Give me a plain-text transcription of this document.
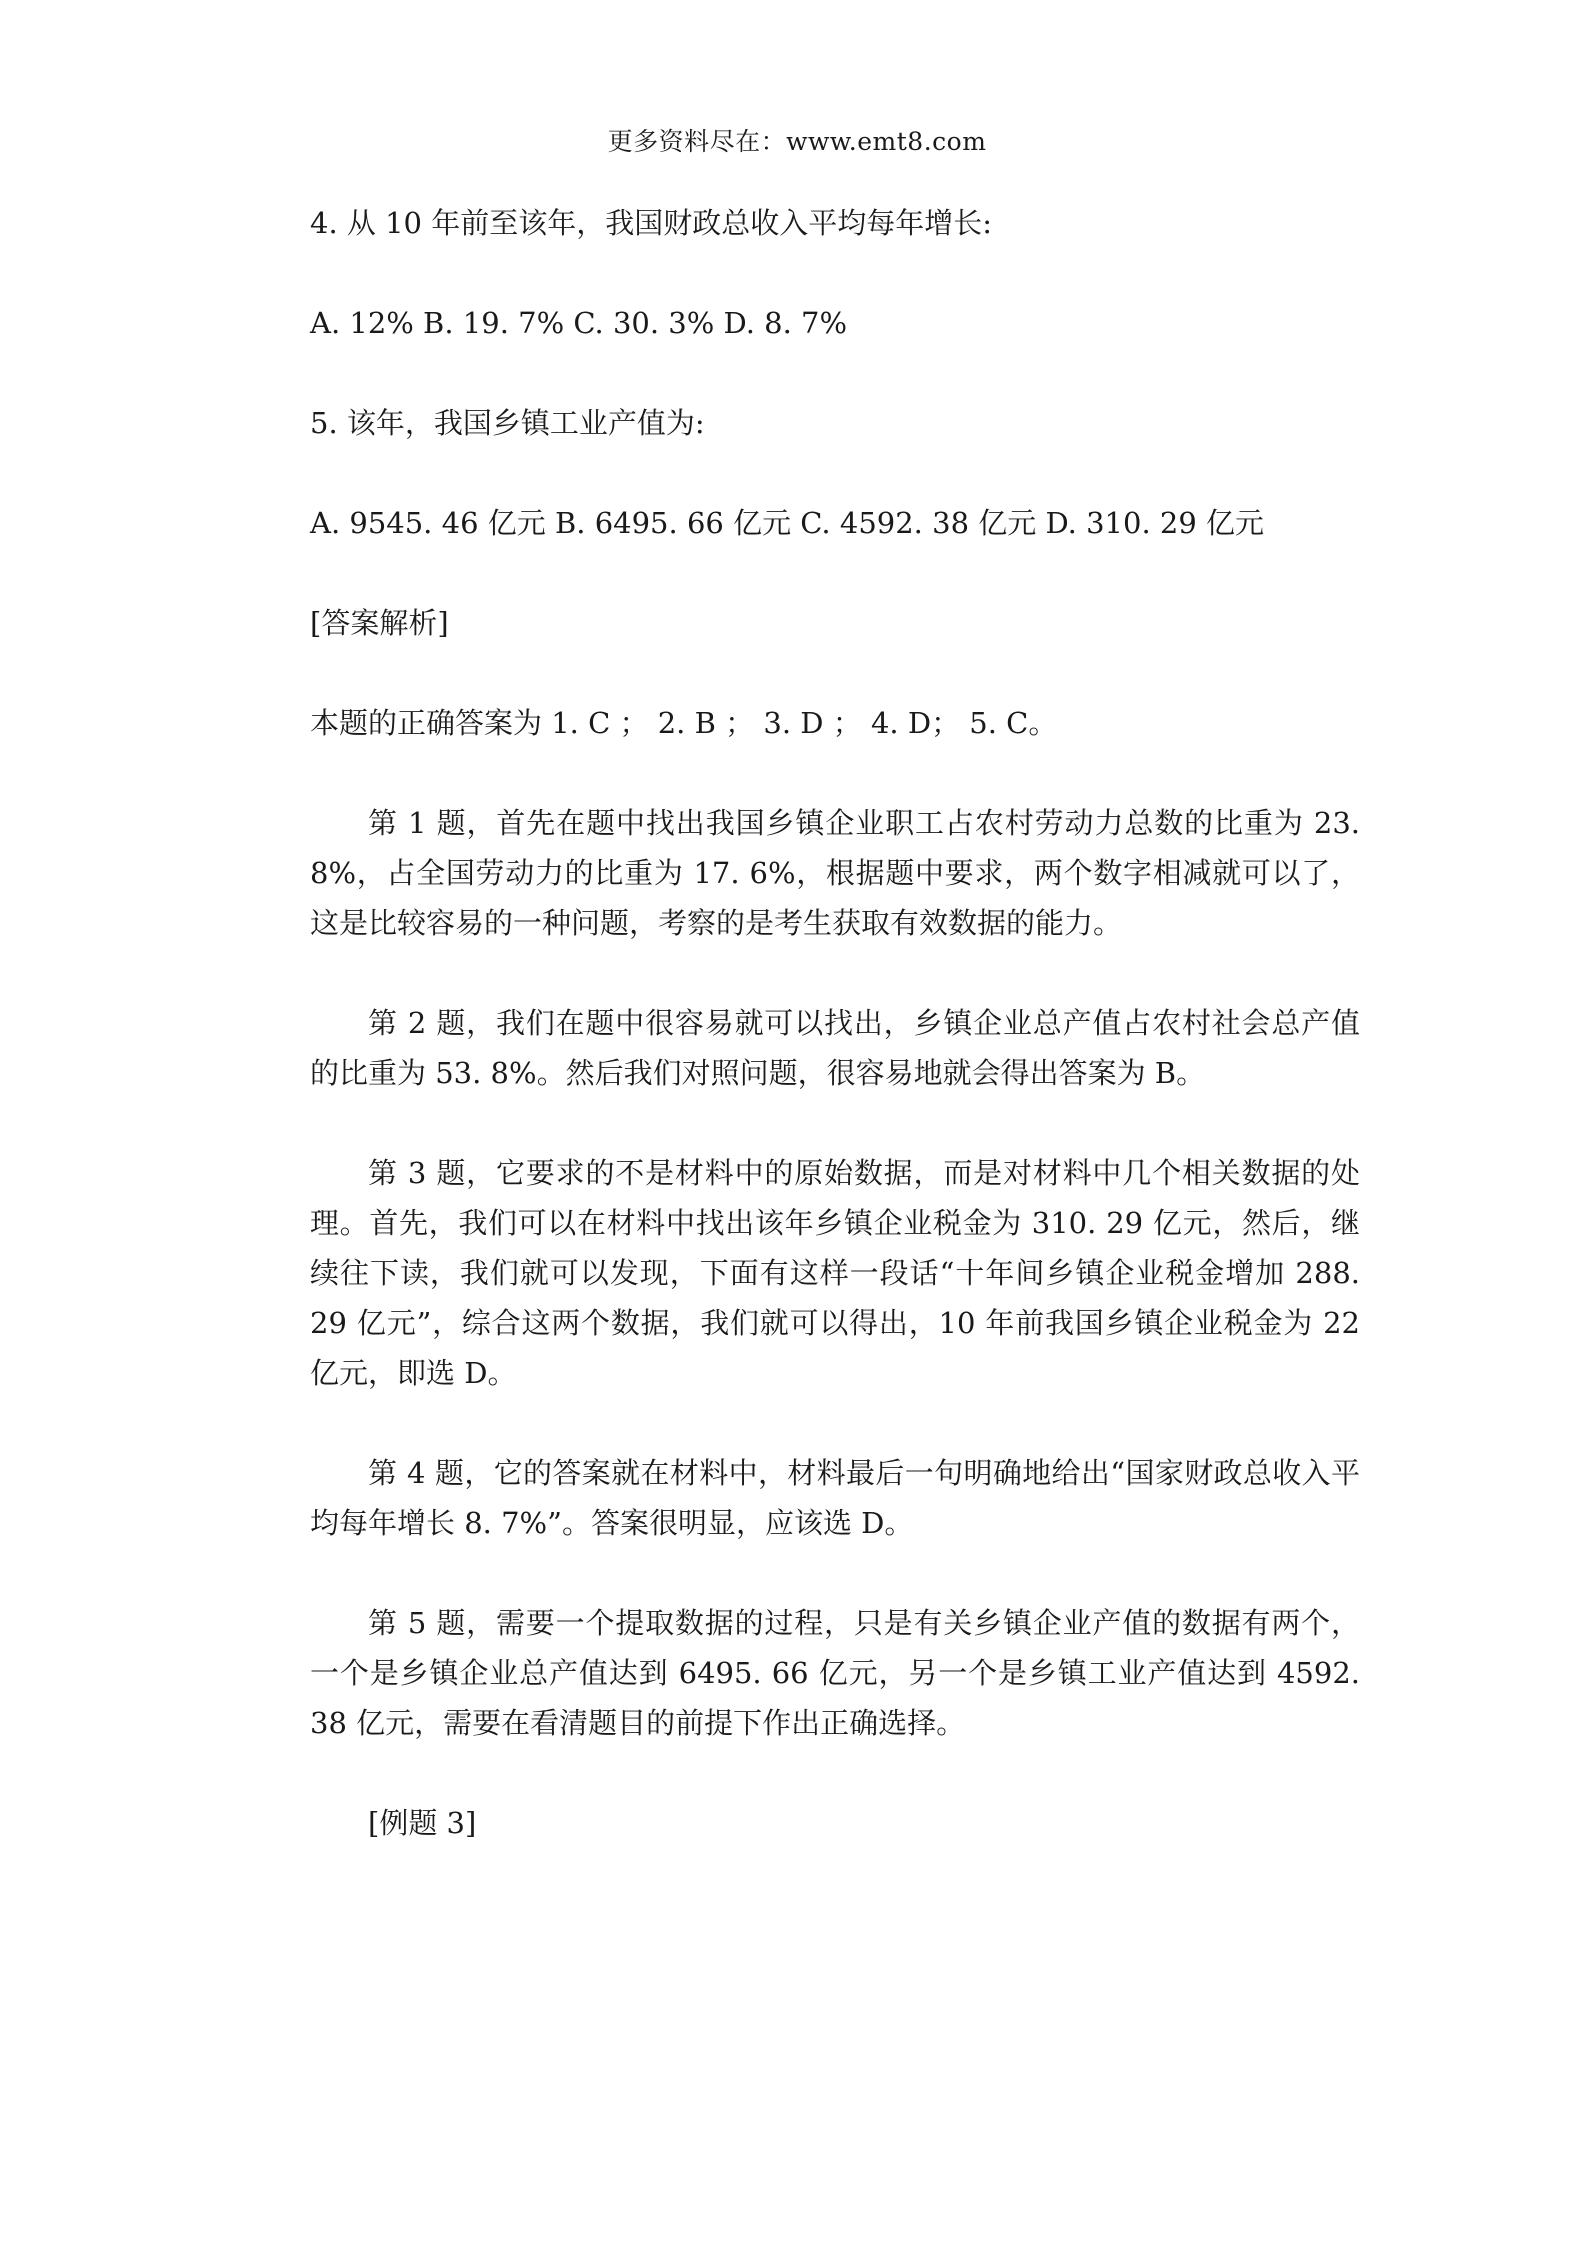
更多资料尽在：www.emt8.com

4. 从 10 年前至该年，我国财政总收入平均每年增长:

A. 12% B. 19. 7% C. 30. 3% D. 8. 7%

5. 该年，我国乡镇工业产值为:

A. 9545. 46 亿元 B. 6495. 66 亿元 C. 4592. 38 亿元 D. 310. 29 亿元

[答案解析]

本题的正确答案为 1. C ； 2. B ； 3. D ； 4. D； 5. C。

第 1 题，首先在题中找出我国乡镇企业职工占农村劳动力总数的比重为 23. 8%，占全国劳动力的比重为 17. 6%，根据题中要求，两个数字相减就可以了，这是比较容易的一种问题，考察的是考生获取有效数据的能力。

第 2 题，我们在题中很容易就可以找出，乡镇企业总产值占农村社会总产值的比重为 53. 8%。然后我们对照问题，很容易地就会得出答案为 B。

第 3 题，它要求的不是材料中的原始数据，而是对材料中几个相关数据的处理。首先，我们可以在材料中找出该年乡镇企业税金为 310. 29 亿元，然后，继续往下读，我们就可以发现，下面有这样一段话“十年间乡镇企业税金增加 288. 29 亿元”，综合这两个数据，我们就可以得出，10 年前我国乡镇企业税金为 22 亿元，即选 D。

第 4 题，它的答案就在材料中，材料最后一句明确地给出“国家财政总收入平均每年增长 8. 7%”。答案很明显，应该选 D。

第 5 题，需要一个提取数据的过程，只是有关乡镇企业产值的数据有两个，一个是乡镇企业总产值达到 6495. 66 亿元，另一个是乡镇工业产值达到 4592. 38 亿元，需要在看清题目的前提下作出正确选择。

[例题 3]
